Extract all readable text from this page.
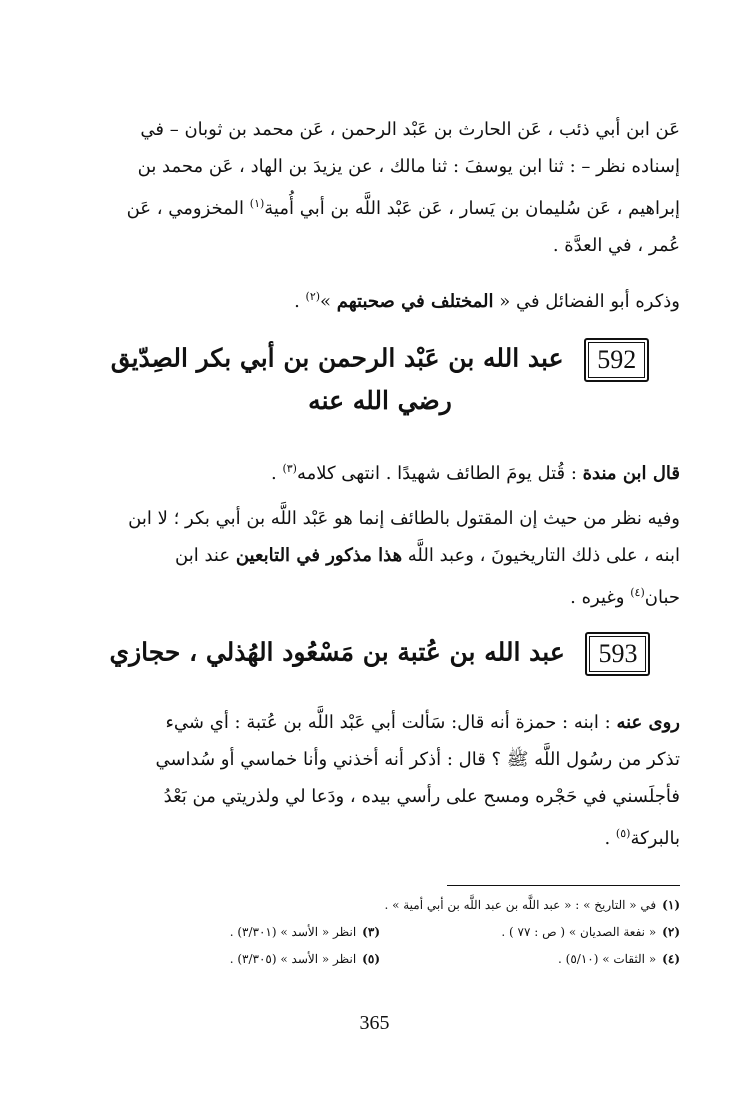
عَن ابن أبي ذئب ، عَن الحارث بن عَبْد الرحمن ، عَن محمد بن ثوبان – في
إسناده نظر – : ثنا ابن يوسفَ : ثنا مالك ، عن يزيدَ بن الهاد ، عَن محمد بن
إبراهيم ، عَن سُليمان بن يَسار ، عَن عَبْد اللَّه بن أبي أُمية$^{(١)}$ المخزومي ، عَن
عُمر ، في العدَّة .
وذكره أبو الفضائل في « المختلف في صحبتهم »$^{(٢)}$ .
592 عبد الله بن عَبْد الرحمن بن أبي بكر الصِدّيق
رضي الله عنه
قال ابن مندة : قُتل يومَ الطائف شهيدًا . انتهى كلامه$^{(٣)}$ .
وفيه نظر من حيث إن المقتول بالطائف إنما هو عَبْد اللَّه بن أبي بكر ؛ لا ابن
ابنه ، على ذلك التاريخيونَ ، وعبد اللَّه هذا مذكور في التابعين عند ابن
حبان$^{(٤)}$ وغيره .
593 عبد الله بن عُتبة بن مَسْعُود الهُذلي ، حجازي
روى عنه : ابنه : حمزة أنه قال: سَألت أبي عَبْد اللَّه بن عُتبة : أي شيء
تذكر من رسُول اللَّه ﷺ ؟ قال : أذكر أنه أخذني وأنا خماسي أو سُداسي
فأجلَسني في حَجْره ومسح على رأسي بيده ، ودَعا لي ولذريتي من بَعْدُ
بالبركة$^{(٥)}$ .
(١)في « التاريخ » : « عبد اللَّه بن عبد اللَّه بن أبي أمية » .
(٢)« نفعة الصديان » ( ص : ٧٧ ) .
(٣)انظر « الأسد » (٣/٣٠١) .
(٤)« الثقات » (٥/١٠) .
(٥)انظر « الأسد » (٣/٣٠٥) .
365
